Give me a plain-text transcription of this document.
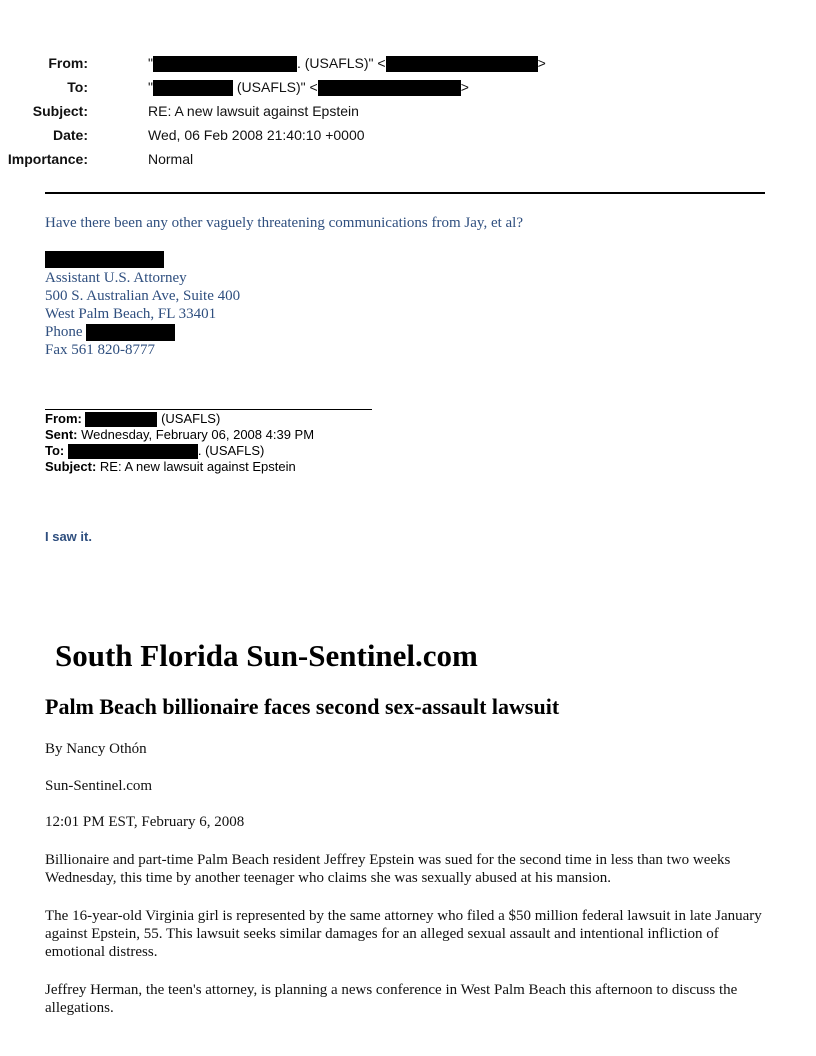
From:	"	. (USAFLS)" <	>
To:	"	(USAFLS)" <	>
Subject:	RE: A new lawsuit against Epstein
Date:	Wed, 06 Feb 2008 21:40:10 +0000
Importance:	Normal
Have there been any other vaguely threatening communications from Jay, et al?
Assistant U.S. Attorney
500 S. Australian Ave, Suite 400
West Palm Beach, FL 33401
Phone
Fax 561 820-8777
From:	(USAFLS)
Sent: Wednesday, February 06, 2008 4:39 PM
To:	. (USAFLS)
Subject: RE: A new lawsuit against Epstein
I saw it.
South Florida Sun-Sentinel.com
Palm Beach billionaire faces second sex-assault lawsuit
By Nancy Othón
Sun-Sentinel.com
12:01 PM EST, February 6, 2008
Billionaire and part-time Palm Beach resident Jeffrey Epstein was sued for the second time in less than two weeks Wednesday, this time by another teenager who claims she was sexually abused at his mansion.
The 16-year-old Virginia girl is represented by the same attorney who filed a $50 million federal lawsuit in late January against Epstein, 55. This lawsuit seeks similar damages for an alleged sexual assault and intentional infliction of emotional distress.
Jeffrey Herman, the teen's attorney, is planning a news conference in West Palm Beach this afternoon to discuss the allegations.
